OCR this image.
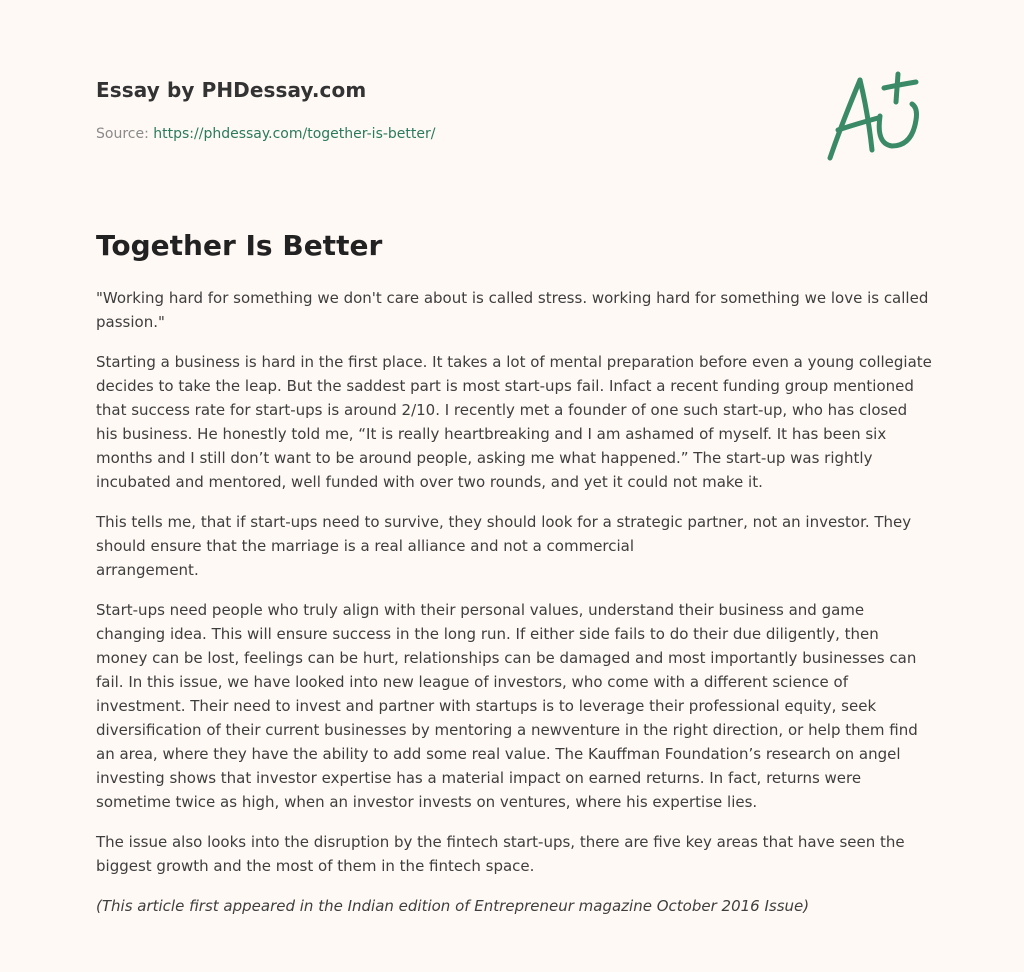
Essay by PHDessay.com
Source: https://phdessay.com/together-is-better/
Together Is Better

"Working hard for something we don't care about is called stress. working hard for something we love is called passion."

Starting a business is hard in the first place. It takes a lot of mental preparation before even a young collegiate decides to take the leap. But the saddest part is most start-ups fail. Infact a recent funding group mentioned that success rate for start-ups is around 2/10. I recently met a founder of one such start-up, who has closed his business. He honestly told me, “It is really heartbreaking and I am ashamed of myself. It has been six months and I still don’t want to be around people, asking me what happened.” The start-up was rightly incubated and mentored, well funded with over two rounds, and yet it could not make it.

This tells me, that if start-ups need to survive, they should look for a strategic partner, not an investor. They should ensure that the marriage is a real alliance and not a commercial

arrangement.

Start-ups need people who truly align with their personal values, understand their business and game changing idea. This will ensure success in the long run. If either side fails to do their due diligently, then money can be lost, feelings can be hurt, relationships can be damaged and most importantly businesses can fail. In this issue, we have looked into new league of investors, who come with a different science of investment. Their need to invest and partner with startups is to leverage their professional equity, seek diversification of their current businesses by mentoring a newventure in the right direction, or help them find an area, where they have the ability to add some real value. The Kauffman Foundation’s research on angel investing shows that investor expertise has a material impact on earned returns. In fact, returns were sometime twice as high, when an investor invests on ventures, where his expertise lies.

The issue also looks into the disruption by the fintech start-ups, there are five key areas that have seen the biggest growth and the most of them in the fintech space.

(This article first appeared in the Indian edition of Entrepreneur magazine October 2016 Issue)
